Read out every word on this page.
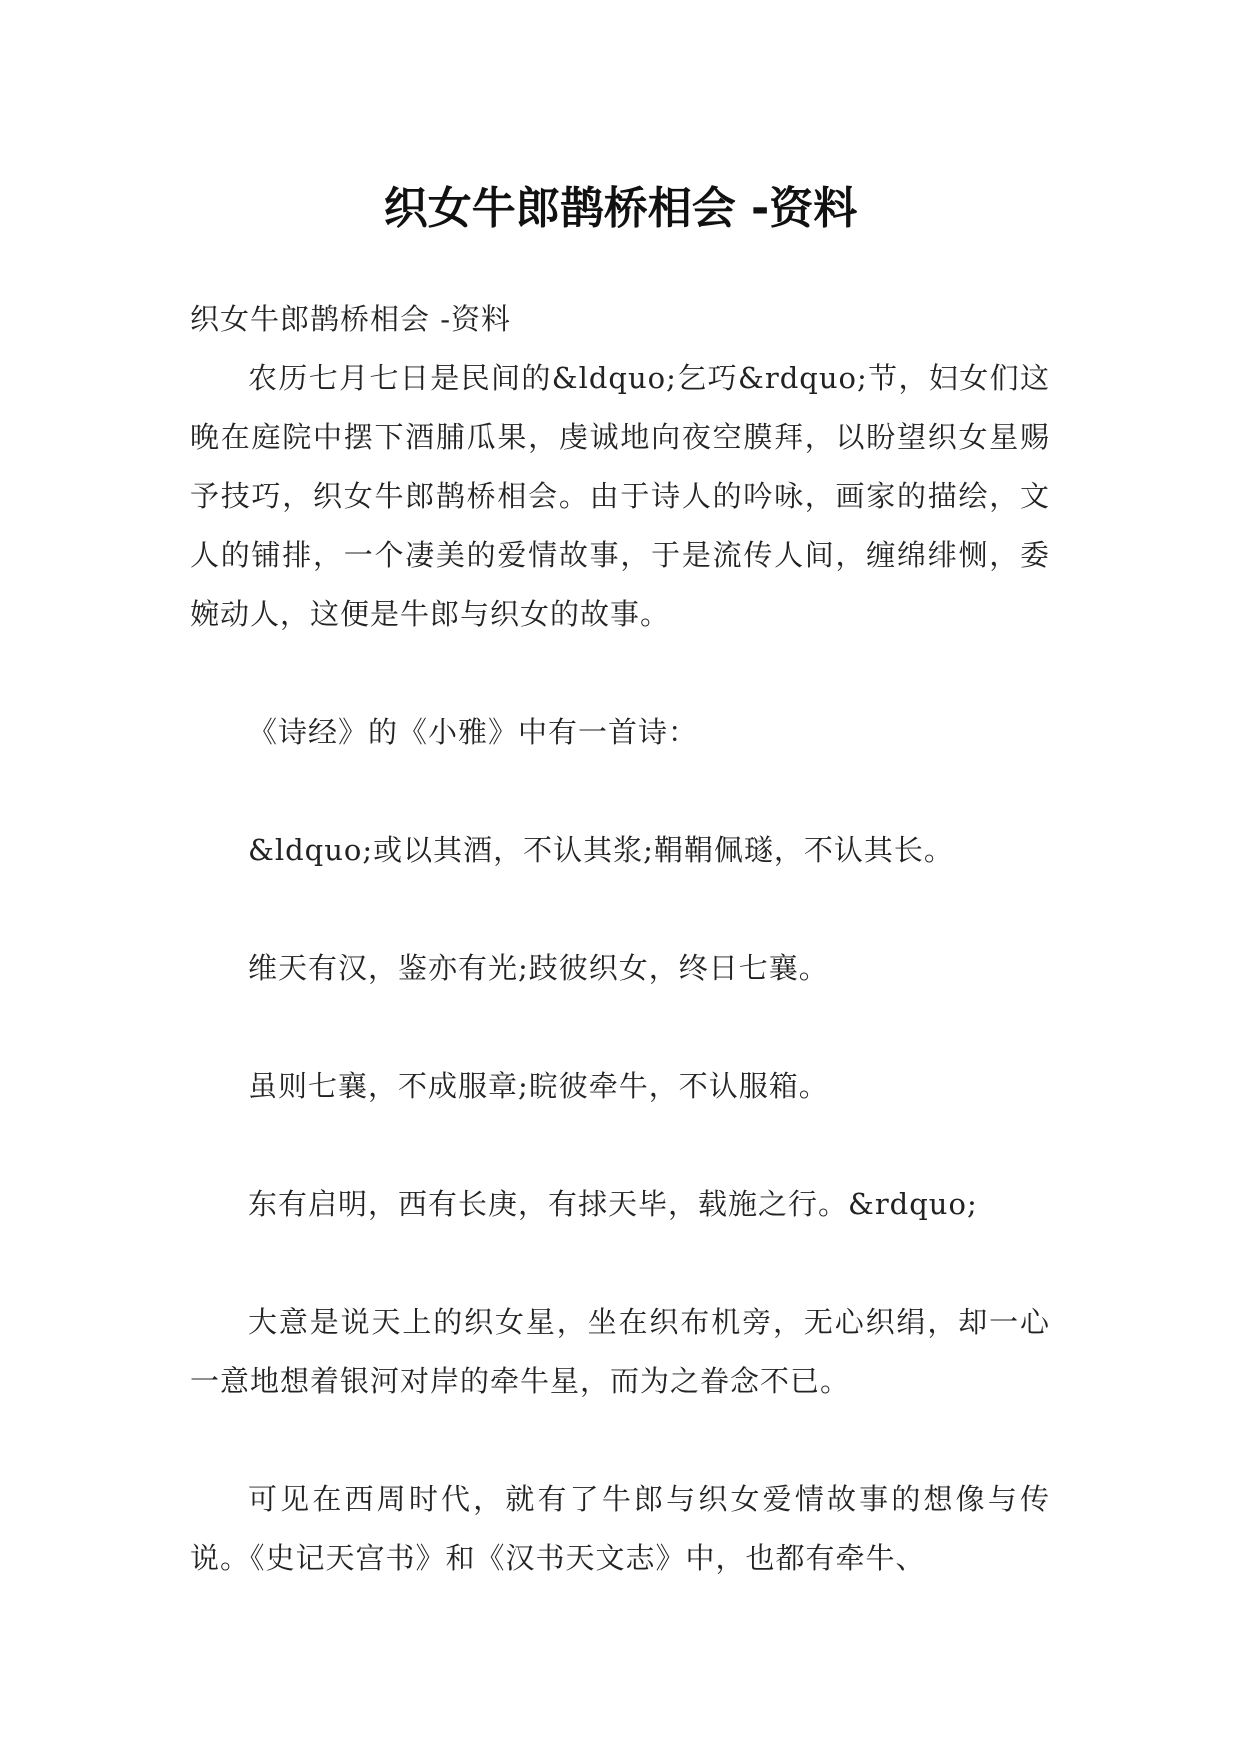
织女牛郎鹊桥相会 -资料

织女牛郎鹊桥相会 -资料

农历七月七日是民间的&ldquo;乞巧&rdquo;节，妇女们这晚在庭院中摆下酒脯瓜果，虔诚地向夜空膜拜，以盼望织女星赐予技巧，织女牛郎鹊桥相会。由于诗人的吟咏，画家的描绘，文人的铺排，一个凄美的爱情故事，于是流传人间，缠绵绯恻，委婉动人，这便是牛郎与织女的故事。

《诗经》的《小雅》中有一首诗：

&ldquo;或以其酒，不认其浆;鞙鞙佩璲，不认其长。

维天有汉，鉴亦有光;跂彼织女，终日七襄。

虽则七襄，不成服章;睆彼牵牛，不认服箱。

东有启明，西有长庚，有捄天毕，载施之行。&rdquo;

大意是说天上的织女星，坐在织布机旁，无心织绢，却一心一意地想着银河对岸的牵牛星，而为之眷念不已。

可见在西周时代，就有了牛郎与织女爱情故事的想像与传说。《史记天宫书》和《汉书天文志》中，也都有牵牛、
